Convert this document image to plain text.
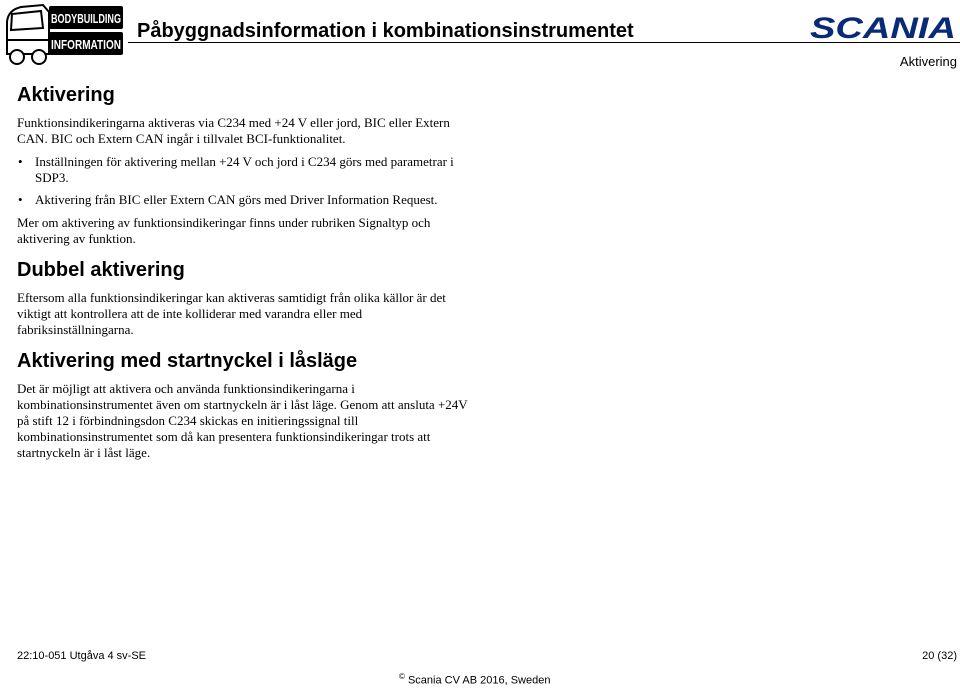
BODYBUILDING
INFORMATION
Påbyggnadsinformation i kombinationsinstrumentet	SCANIA
Aktivering
Aktivering

Funktionsindikeringarna aktiveras via C234 med +24 V eller jord, BIC eller Extern CAN. BIC och Extern CAN ingår i tillvalet BCI-funktionalitet.

• Inställningen för aktivering mellan +24 V och jord i C234 görs med parametrar i SDP3.
• Aktivering från BIC eller Extern CAN görs med Driver Information Request.

Mer om aktivering av funktionsindikeringar finns under rubriken Signaltyp och aktivering av funktion.

Dubbel aktivering

Eftersom alla funktionsindikeringar kan aktiveras samtidigt från olika källor är det viktigt att kontrollera att de inte kolliderar med varandra eller med fabriksinställningarna.

Aktivering med startnyckel i låsläge

Det är möjligt att aktivera och använda funktionsindikeringarna i kombinationsinstrumentet även om startnyckeln är i låst läge. Genom att ansluta +24V på stift 12 i förbindningsdon C234 skickas en initieringssignal till kombinationsinstrumentet som då kan presentera funktionsindikeringar trots att startnyckeln är i låst läge.

22:10-051 Utgåva 4 sv-SE	20 (32)
© Scania CV AB 2016, Sweden
